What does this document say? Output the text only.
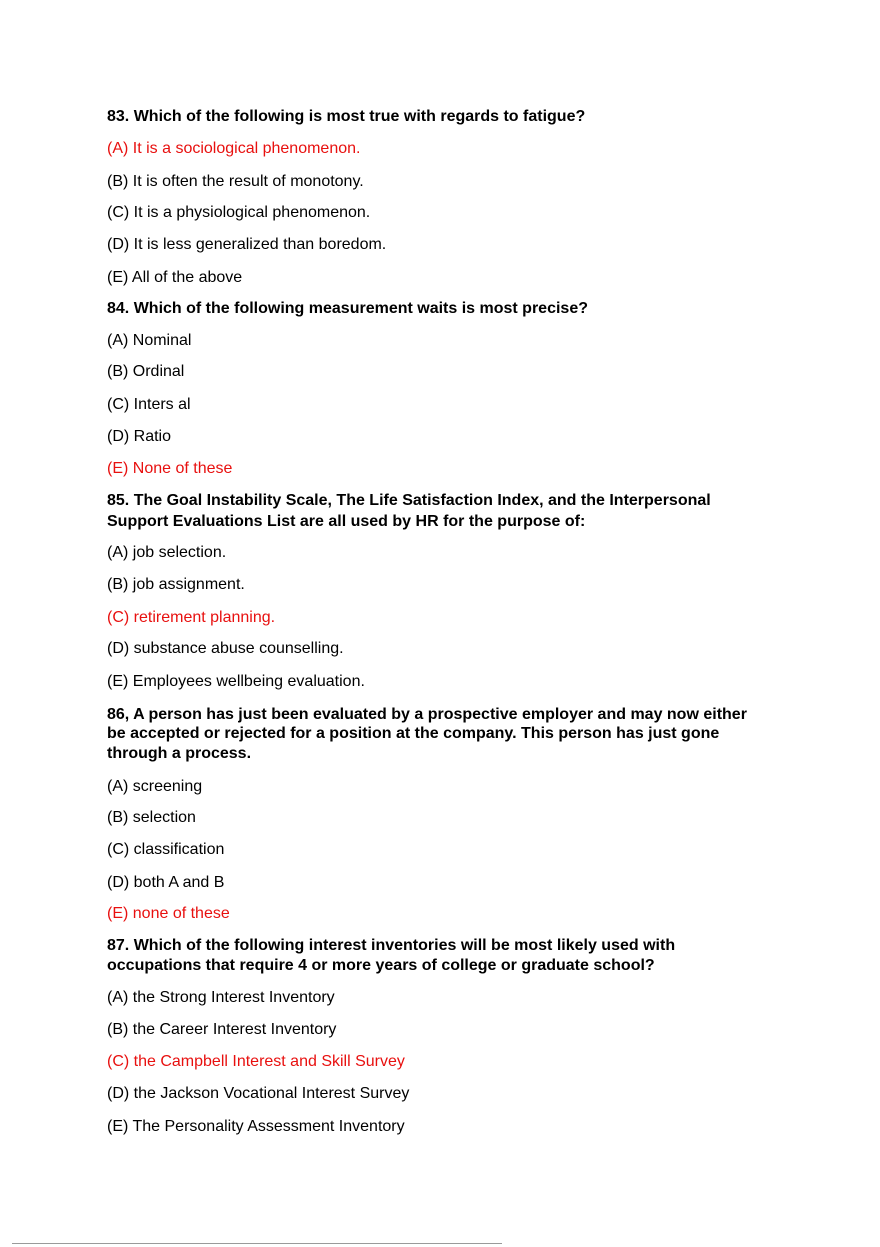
83. Which of the following is most true with regards to fatigue?
(A) It is a sociological phenomenon.
(B) It is often the result of monotony.
(C) It is a physiological phenomenon.
(D) It is less generalized than boredom.
(E) All of the above
84. Which of the following measurement waits is most precise?
(A) Nominal
(B) Ordinal
(C) Inters al
(D) Ratio
(E) None of these
85. The Goal Instability Scale, The Life Satisfaction Index, and the Interpersonal
Support Evaluations List are all used by HR for the purpose of:
(A) job selection.
(B) job assignment.
(C) retirement planning.
(D) substance abuse counselling.
(E) Employees wellbeing evaluation.
86, A person has just been evaluated by a prospective employer and may now either
be accepted or rejected for a position at the company. This person has just gone
through a process.
(A) screening
(B) selection
(C) classification
(D) both A and B
(E) none of these
87. Which of the following interest inventories will be most likely used with
occupations that require 4 or more years of college or graduate school?
(A) the Strong Interest Inventory
(B) the Career Interest Inventory
(C) the Campbell Interest and Skill Survey
(D) the Jackson Vocational Interest Survey
(E) The Personality Assessment Inventory
